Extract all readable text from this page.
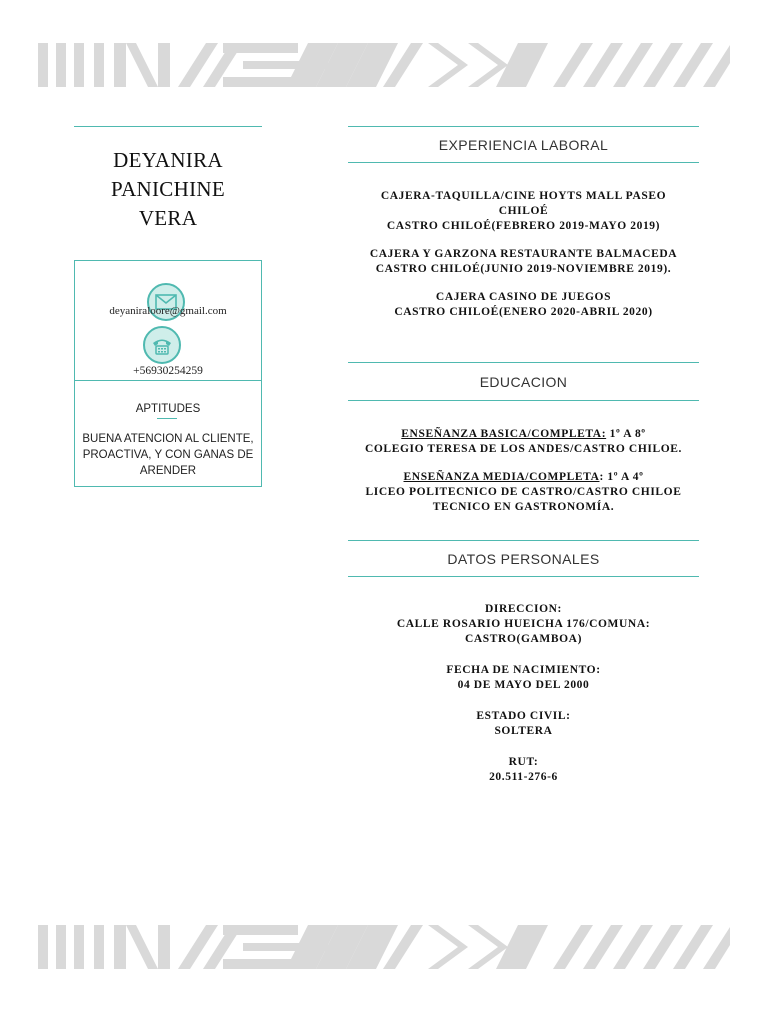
DEYANIRA
PANICHINE
VERA
deyaniraloore@gmail.com
+56930254259
APTITUDES
BUENA ATENCION AL CLIENTE, PROACTIVA, Y CON GANAS DE ARENDER
EXPERIENCIA LABORAL
CAJERA-TAQUILLA/CINE HOYTS MALL PASEO
CHILOÉ
CASTRO CHILOÉ(FEBRERO 2019-MAYO 2019)
CAJERA Y GARZONA RESTAURANTE BALMACEDA
CASTRO CHILOÉ(JUNIO 2019-NOVIEMBRE 2019).
CAJERA CASINO DE JUEGOS
CASTRO CHILOÉ(ENERO 2020-ABRIL 2020)
EDUCACION
ENSEÑANZA BASICA/COMPLETA: 1º A 8º
COLEGIO TERESA DE LOS ANDES/CASTRO CHILOE.
ENSEÑANZA MEDIA/COMPLETA: 1º A 4º
LICEO POLITECNICO DE CASTRO/CASTRO CHILOE
TECNICO EN GASTRONOMÍA.
DATOS PERSONALES
DIRECCION:
CALLE ROSARIO HUEICHA 176/COMUNA:
CASTRO(GAMBOA)
FECHA DE NACIMIENTO:
04 DE MAYO DEL 2000
ESTADO CIVIL:
SOLTERA
RUT:
20.511-276-6
